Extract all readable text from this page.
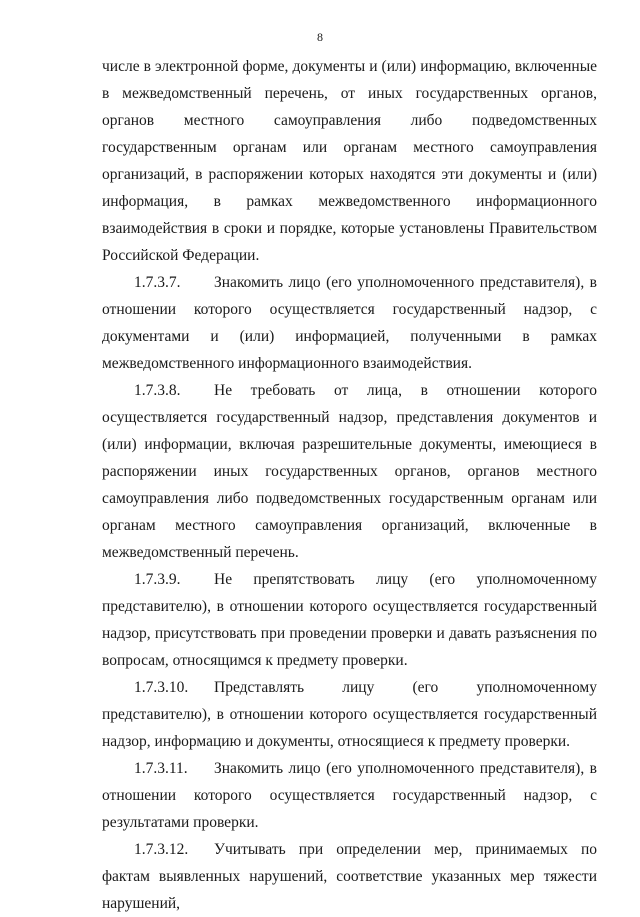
8

числе в электронной форме, документы и (или) информацию, включенные в межведомственный перечень, от иных государственных органов, органов местного самоуправления либо подведомственных государственным органам или органам местного самоуправления организаций, в распоряжении которых находятся эти документы и (или) информация, в рамках межведомственного информационного взаимодействия в сроки и порядке, которые установлены Правительством Российской Федерации.

1.7.3.7. Знакомить лицо (его уполномоченного представителя), в отношении которого осуществляется государственный надзор, с документами и (или) информацией, полученными в рамках межведомственного информационного взаимодействия.

1.7.3.8. Не требовать от лица, в отношении которого осуществляется государственный надзор, представления документов и (или) информации, включая разрешительные документы, имеющиеся в распоряжении иных государственных органов, органов местного самоуправления либо подведомственных государственным органам или органам местного самоуправления организаций, включенные в межведомственный перечень.

1.7.3.9. Не препятствовать лицу (его уполномоченному представителю), в отношении которого осуществляется государственный надзор, присутствовать при проведении проверки и давать разъяснения по вопросам, относящимся к предмету проверки.

1.7.3.10. Представлять лицу (его уполномоченному представителю), в отношении которого осуществляется государственный надзор, информацию и документы, относящиеся к предмету проверки.

1.7.3.11. Знакомить лицо (его уполномоченного представителя), в отношении которого осуществляется государственный надзор, с результатами проверки.

1.7.3.12. Учитывать при определении мер, принимаемых по фактам выявленных нарушений, соответствие указанных мер тяжести нарушений,
